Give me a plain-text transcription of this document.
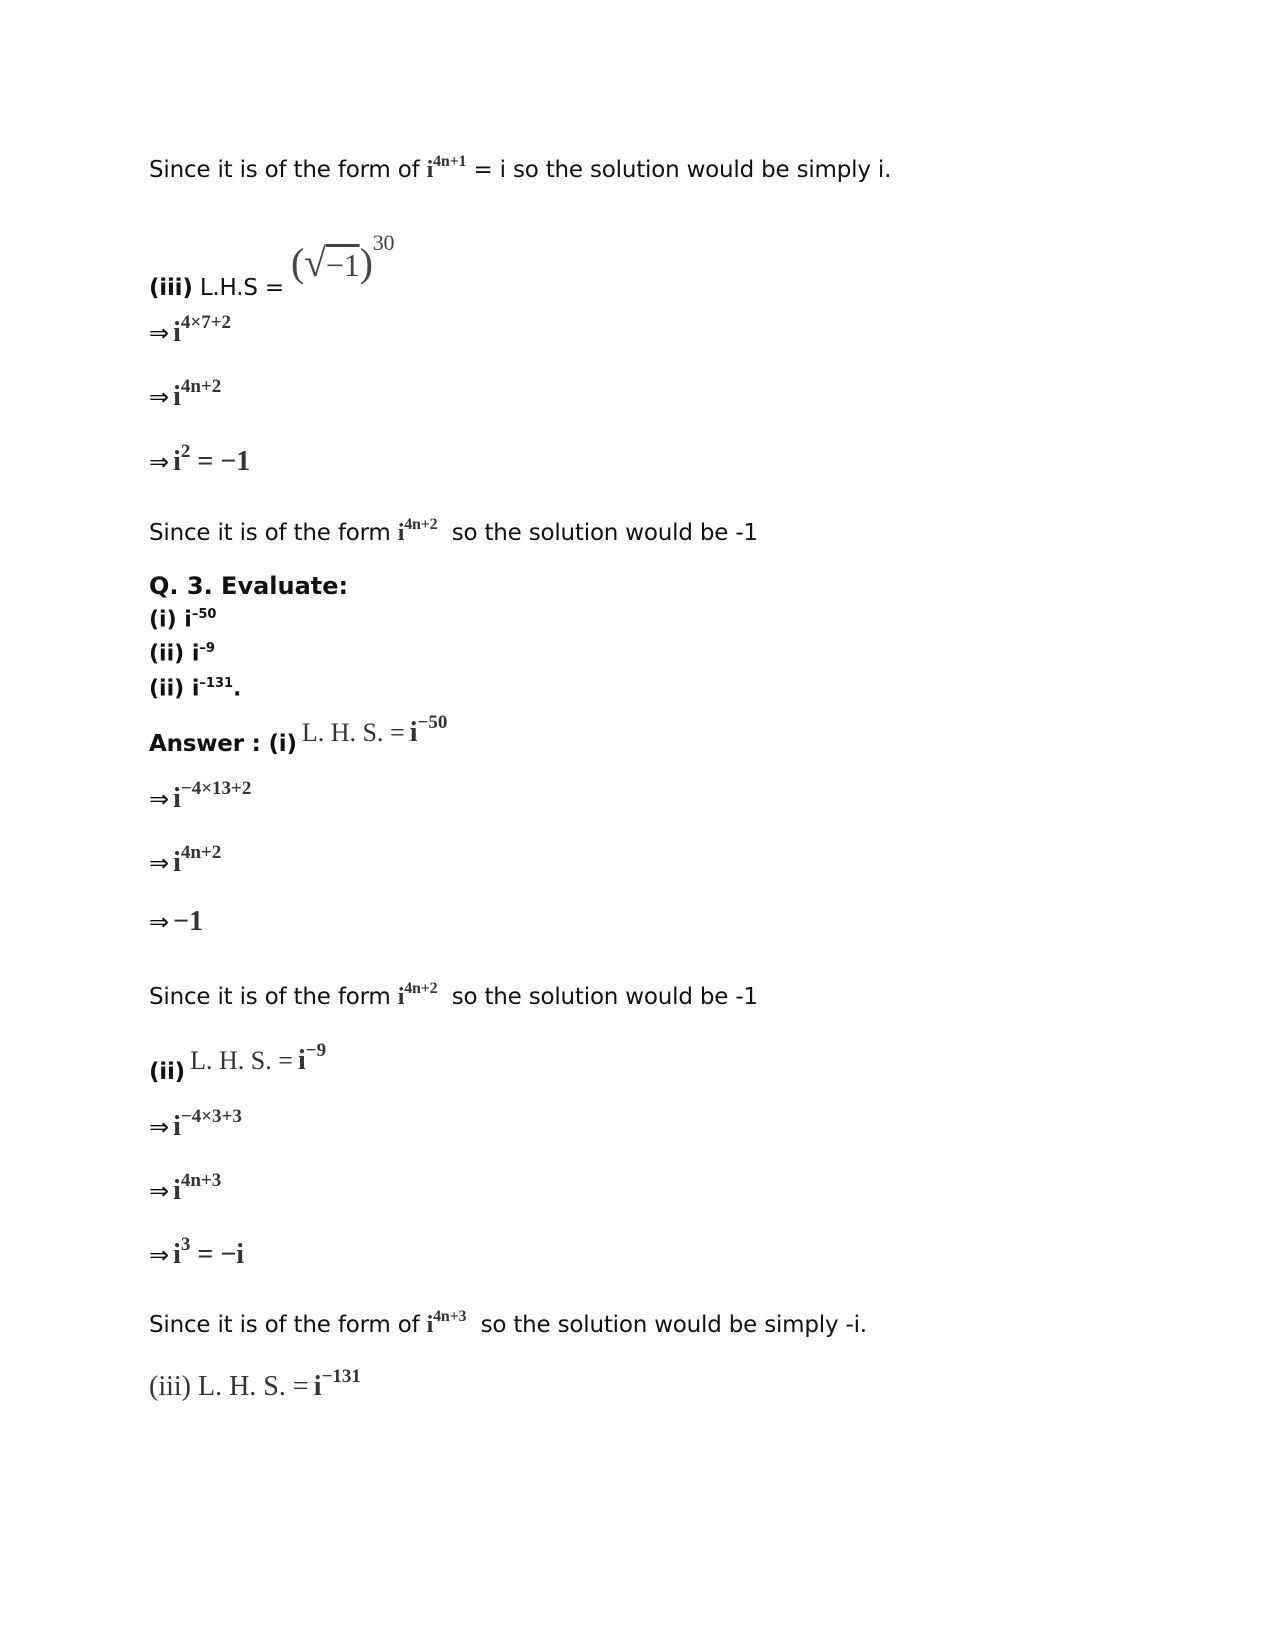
Since it is of the form of $i^{4n+1} = i$ so the solution would be simply i.
(iii) $L.H.S = (√-1)^{30}$
⇒ i4×7+2
⇒ i4n+2
⇒ i2 = −1
Since it is of the form $i^{4n+2}$ so the solution would be -1
Q. 3. Evaluate:
(i) $i^{-50}$
(ii) $i^{-9}$
(ii) $i^{-131}$.
Answer : (i) L. H. S. = i−50
⇒ i−4×13+2
⇒ i4n+2
⇒ −1
Since it is of the form $i^{4n+2}$ so the solution would be -1
(ii) L. H. S. = i−9
⇒ i−4×3+3
⇒ i4n+3
⇒ i3 = −i
Since it is of the form of $i^{4n+3}$ so the solution would be simply -i.
(iii) L. H. S. = i−131
